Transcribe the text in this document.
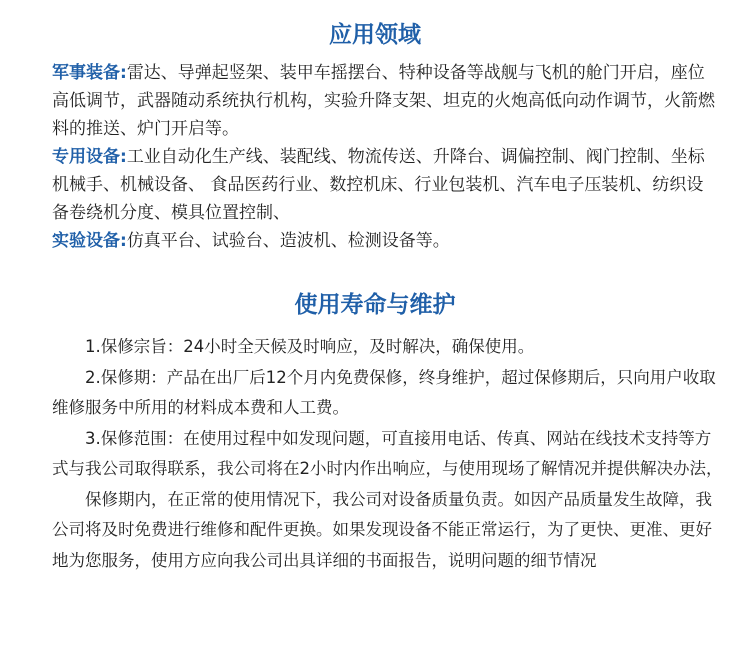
应用领域

军事装备:雷达、导弹起竖架、装甲车摇摆台、特种设备等战舰与飞机的舱门开启，座位高低调节，武器随动系统执行机构，实验升降支架、坦克的火炮高低向动作调节，火箭燃料的推送、炉门开启等。

专用设备:工业自动化生产线、装配线、物流传送、升降台、调偏控制、阀门控制、坐标机械手、机械设备、 食品医药行业、数控机床、行业包装机、汽车电子压装机、纺织设备卷绕机分度、模具位置控制、

实验设备:仿真平台、试验台、造波机、检测设备等。

使用寿命与维护

1.保修宗旨：24小时全天候及时响应，及时解决，确保使用。

2.保修期：产品在出厂后12个月内免费保修，终身维护，超过保修期后，只向用户收取维修服务中所用的材料成本费和人工费。

3.保修范围：在使用过程中如发现问题，可直接用电话、传真、网站在线技术支持等方式与我公司取得联系，我公司将在2小时内作出响应，与使用现场了解情况并提供解决办法，

保修期内，在正常的使用情况下，我公司对设备质量负责。如因产品质量发生故障，我公司将及时免费进行维修和配件更换。如果发现设备不能正常运行，为了更快、更准、更好地为您服务，使用方应向我公司出具详细的书面报告，说明问题的细节情况
